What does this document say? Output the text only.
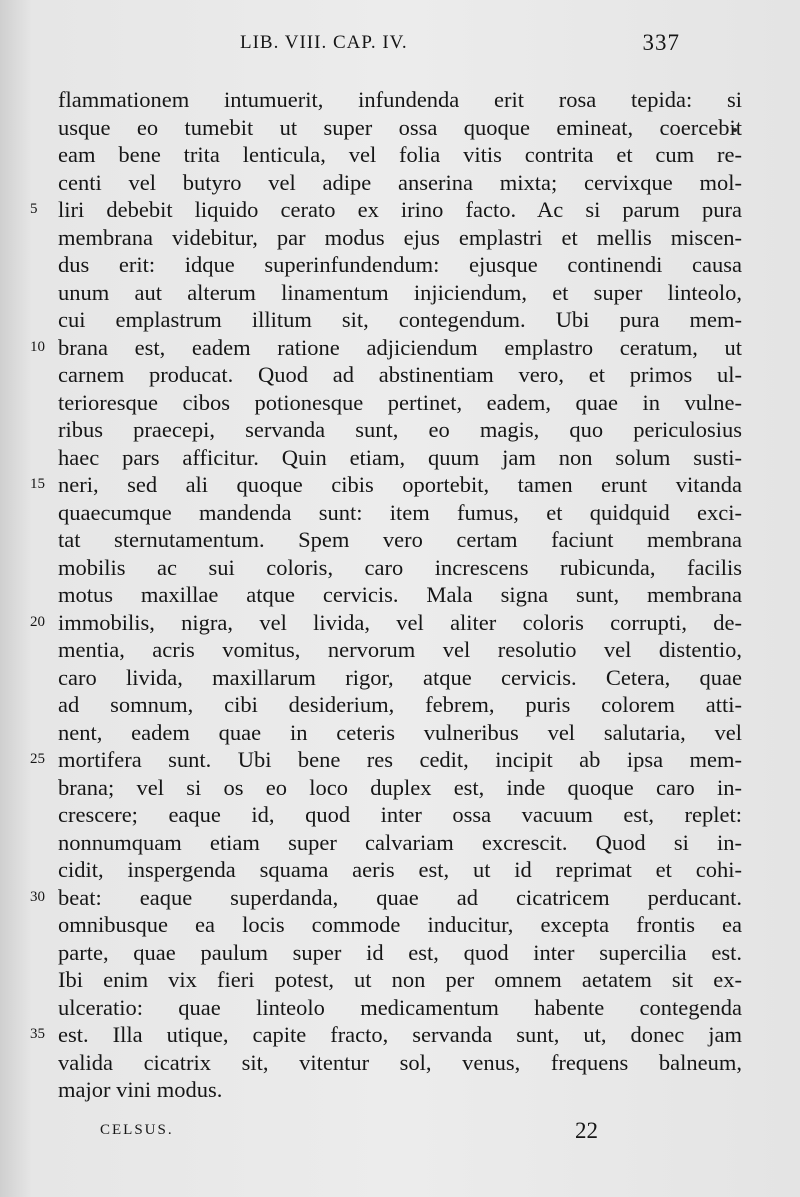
LIB. VIII. CAP. IV.	337
flammationem intumuerit, infundenda erit rosa tepida: si
usque eo tumebit ut super ossa quoque emineat, coercebit
eam bene trita lenticula, vel folia vitis contrita et cum re-
centi vel butyro vel adipe anserina mixta; cervixque mol-
5 liri debebit liquido cerato ex irino facto. Ac si parum pura
membrana videbitur, par modus ejus emplastri et mellis miscen-
dus erit: idque superinfundendum: ejusque continendi causa
unum aut alterum linamentum injiciendum, et super linteolo,
cui emplastrum illitum sit, contegendum. Ubi pura mem-
10 brana est, eadem ratione adjiciendum emplastro ceratum, ut
carnem producat. Quod ad abstinentiam vero, et primos ul-
terioresque cibos potionesque pertinet, eadem, quae in vulne-
ribus praecepi, servanda sunt, eo magis, quo periculosius
haec pars afficitur. Quin etiam, quum jam non solum susti-
15 neri, sed ali quoque cibis oportebit, tamen erunt vitanda
quaecumque mandenda sunt: item fumus, et quidquid exci-
tat sternutamentum. Spem vero certam faciunt membrana
mobilis ac sui coloris, caro increscens rubicunda, facilis
motus maxillae atque cervicis. Mala signa sunt, membrana
20 immobilis, nigra, vel livida, vel aliter coloris corrupti, de-
mentia, acris vomitus, nervorum vel resolutio vel distentio,
caro livida, maxillarum rigor, atque cervicis. Cetera, quae
ad somnum, cibi desiderium, febrem, puris colorem atti-
nent, eadem quae in ceteris vulneribus vel salutaria, vel
25 mortifera sunt. Ubi bene res cedit, incipit ab ipsa mem-
brana; vel si os eo loco duplex est, inde quoque caro in-
crescere; eaque id, quod inter ossa vacuum est, replet:
nonnumquam etiam super calvariam excrescit. Quod si in-
cidit, inspergenda squama aeris est, ut id reprimat et cohi-
30 beat: eaque superdanda, quae ad cicatricem perducant.
omnibusque ea locis commode inducitur, excepta frontis ea
parte, quae paulum super id est, quod inter supercilia est.
Ibi enim vix fieri potest, ut non per omnem aetatem sit ex-
ulceratio: quae linteolo medicamentum habente contegenda
35 est. Illa utique, capite fracto, servanda sunt, ut, donec jam
valida cicatrix sit, vitentur sol, venus, frequens balneum,
major vini modus.
CELSUS.	22
